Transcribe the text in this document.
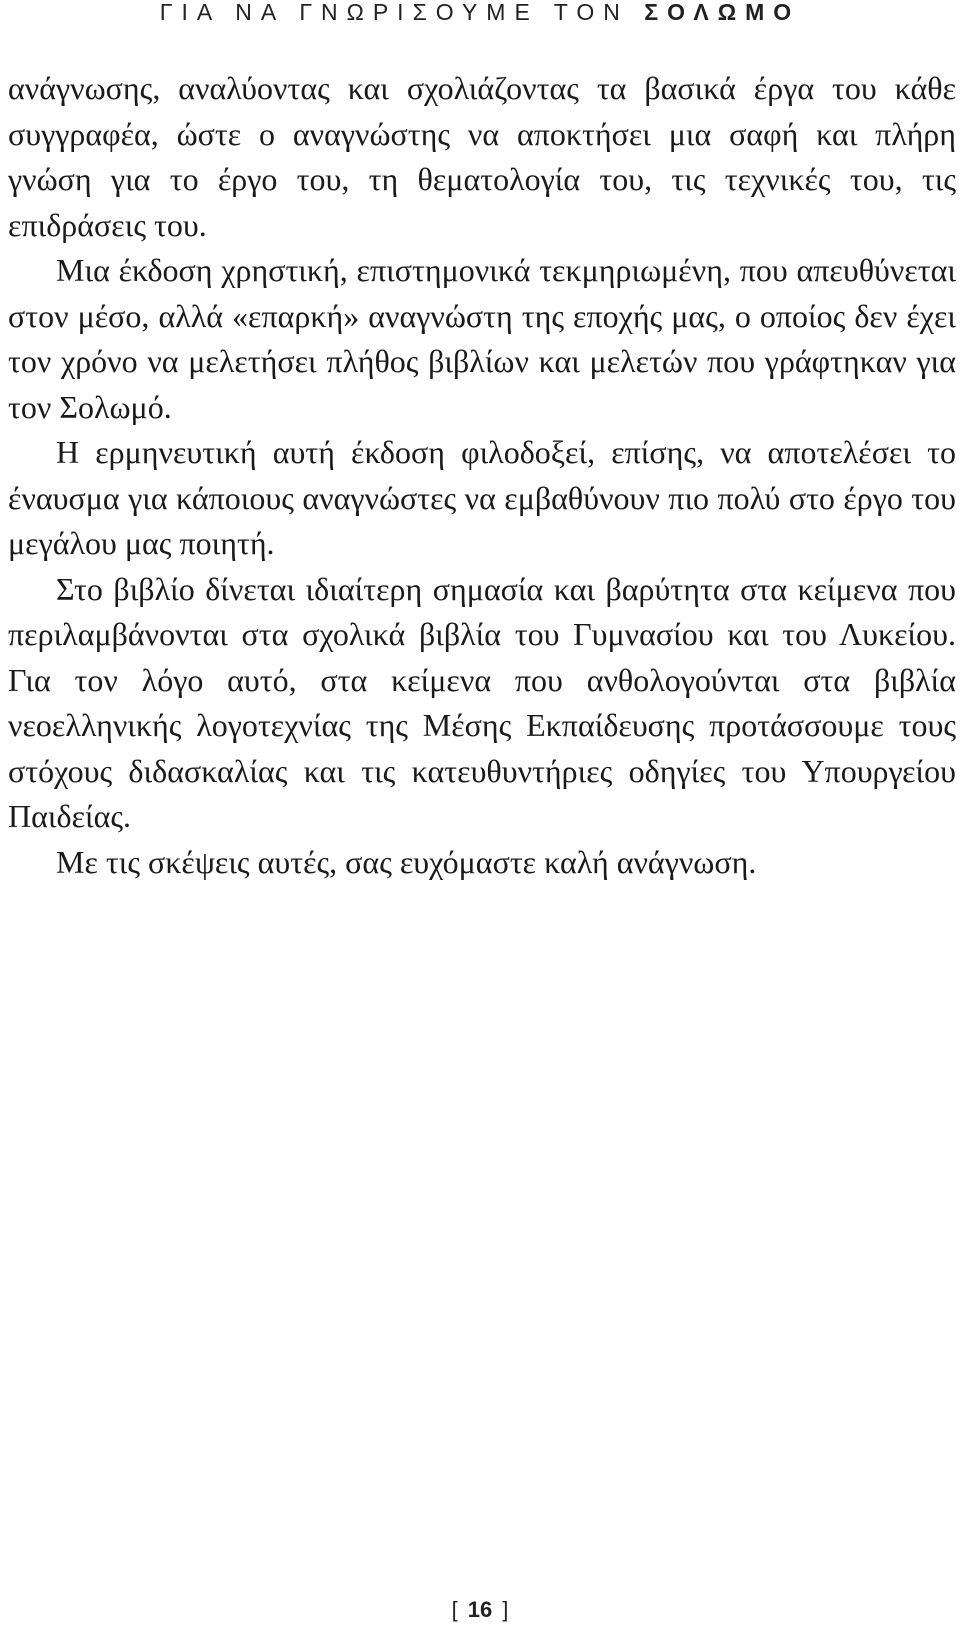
ΓΙΑ ΝΑ ΓΝΩΡΙΣΟΥΜΕ ΤΟΝ ΣΟΛΩΜΟ

ανάγνωσης, αναλύοντας και σχολιάζοντας τα βασικά έργα του κάθε συγγραφέα, ώστε ο αναγνώστης να αποκτήσει μια σαφή και πλήρη γνώση για το έργο του, τη θεματολογία του, τις τεχνικές του, τις επιδράσεις του.

Μια έκδοση χρηστική, επιστημονικά τεκμηριωμένη, που απευθύνεται στον μέσο, αλλά «επαρκή» αναγνώστη της εποχής μας, ο οποίος δεν έχει τον χρόνο να μελετήσει πλήθος βιβλίων και μελετών που γράφτηκαν για τον Σολωμό.

Η ερμηνευτική αυτή έκδοση φιλοδοξεί, επίσης, να αποτελέσει το έναυσμα για κάποιους αναγνώστες να εμβαθύνουν πιο πολύ στο έργο του μεγάλου μας ποιητή.

Στο βιβλίο δίνεται ιδιαίτερη σημασία και βαρύτητα στα κείμενα που περιλαμβάνονται στα σχολικά βιβλία του Γυμνασίου και του Λυκείου. Για τον λόγο αυτό, στα κείμενα που ανθολογούνται στα βιβλία νεοελληνικής λογοτεχνίας της Μέσης Εκπαίδευσης προτάσσουμε τους στόχους διδασκαλίας και τις κατευθυντήριες οδηγίες του Υπουργείου Παιδείας.

Με τις σκέψεις αυτές, σας ευχόμαστε καλή ανάγνωση.

[ 16 ]
